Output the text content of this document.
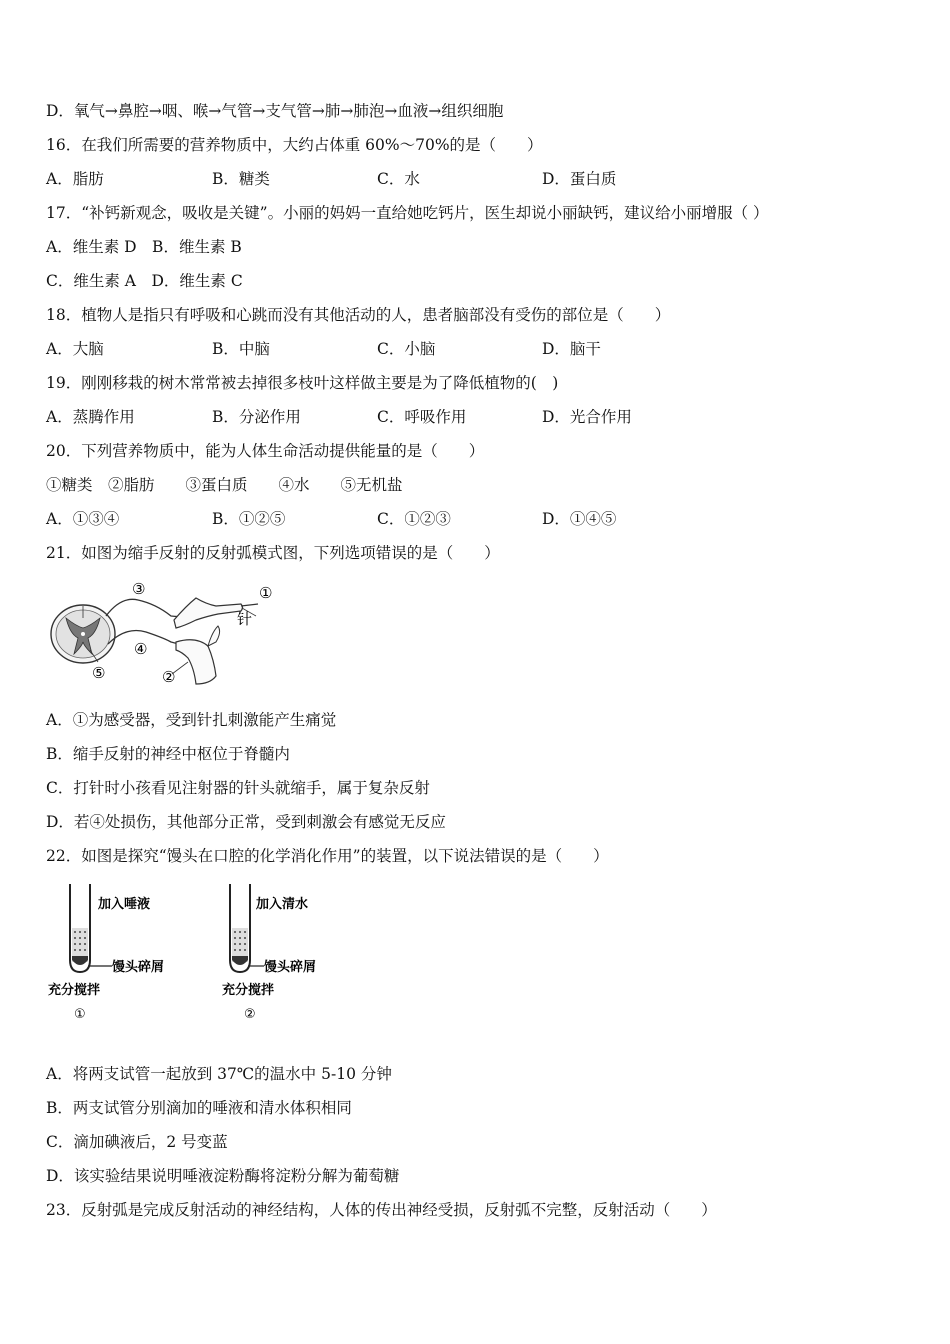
D．氧气→鼻腔→咽、喉→气管→支气管→肺→肺泡→血液→组织细胞
16．在我们所需要的营养物质中，大约占体重 60%～70%的是（　　）
A．脂肪	B．糖类	C．水	D．蛋白质
17．“补钙新观念，吸收是关键”。小丽的妈妈一直给她吃钙片，医生却说小丽缺钙，建议给小丽增服（ ）
A．维生素 D　B．维生素 B
C．维生素 A　D．维生素 C
18．植物人是指只有呼吸和心跳而没有其他活动的人，患者脑部没有受伤的部位是（　　）
A．大脑	B．中脑	C．小脑	D．脑干
19．刚刚移栽的树木常常被去掉很多枝叶这样做主要是为了降低植物的(　)
A．蒸腾作用	B．分泌作用	C．呼吸作用	D．光合作用
20．下列营养物质中，能为人体生命活动提供能量的是（　　）
①糖类　②脂肪　　③蛋白质　　④水　　⑤无机盐
A．①③④	B．①②⑤	C．①②③	D．①④⑤
21．如图为缩手反射的反射弧模式图，下列选项错误的是（　　）
③	①
针
④
⑤	②
A．①为感受器，受到针扎刺激能产生痛觉
B．缩手反射的神经中枢位于脊髓内
C．打针时小孩看见注射器的针头就缩手，属于复杂反射
D．若④处损伤，其他部分正常，受到刺激会有感觉无反应
22．如图是探究“馒头在口腔的化学消化作用”的装置，以下说法错误的是（　　）
加入唾液
馒头碎屑
充分搅拌
①
加入清水
馒头碎屑
充分搅拌
②
A．将两支试管一起放到 37℃的温水中 5-10 分钟
B．两支试管分别滴加的唾液和清水体积相同
C．滴加碘液后，2 号变蓝
D．该实验结果说明唾液淀粉酶将淀粉分解为葡萄糖
23．反射弧是完成反射活动的神经结构，人体的传出神经受损，反射弧不完整，反射活动（　　）
